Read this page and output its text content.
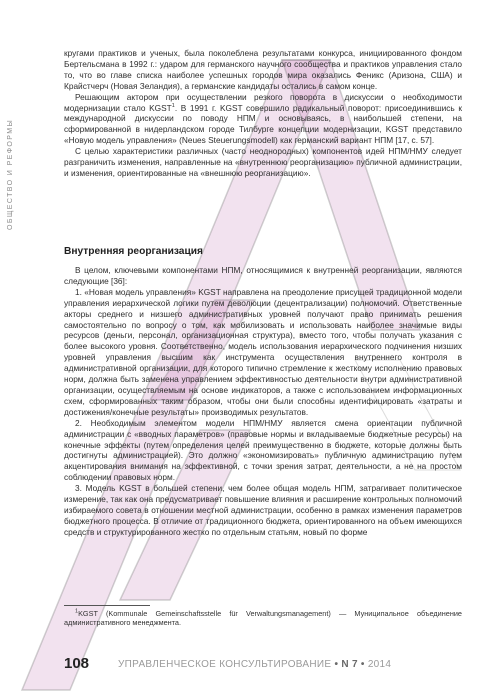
ОБЩЕСТВО И РЕФОРМЫ

кругами практиков и ученых, была поколеблена результатами конкурса, инициированного фондом Бертельсмана в 1992 г.: ударом для германского научного сообщества и практиков управления стало то, что во главе списка наиболее успешных городов мира оказались Феникс (Аризона, США) и Крайстчерч (Новая Зеландия), а германские кандидаты остались в самом конце.

Решающим актором при осуществлении резкого поворота в дискуссии о необходимости модернизации стало KGST$^1$. В 1991 г. KGST совершило радикальный поворот: присоединившись к международной дискуссии по поводу НПМ и основываясь, в наибольшей степени, на сформированной в нидерландском городе Тилбурге концепции модернизации, KGST представило «Новую модель управления» (Neues Steuerungsmodell) как германский вариант НПМ [17, с. 57].

С целью характеристики различных (часто неоднородных) компонентов идей НПМ/НМУ следует разграничить изменения, направленные на «внутреннюю реорганизацию» публичной администрации, и изменения, ориентированные на «внешнюю реорганизацию».

Внутренняя реорганизация

В целом, ключевыми компонентами НПМ, относящимися к внутренней реорганизации, являются следующие [36]:

1. «Новая модель управления» KGST направлена на преодоление присущей традиционной модели управления иерархической логики путем деволюции (децентрализации) полномочий. Ответственные акторы среднего и низшего административных уровней получают право принимать решения самостоятельно по вопросу о том, как мобилизовать и использовать наиболее значимые виды ресурсов (деньги, персонал, организационная структура), вместо того, чтобы получать указания с более высокого уровня. Соответственно, модель использования иерархического подчинения низших уровней управления высшим как инструмента осуществления внутреннего контроля в административной организации, для которого типично стремление к жесткому исполнению правовых норм, должна быть заменена управлением эффективностью деятельности внутри административной организации, осуществляемым на основе индикаторов, а также с использованием информационных схем, сформированных таким образом, чтобы они были способны идентифицировать «затраты и достижения/конечные результаты» производимых результатов.

2. Необходимым элементом модели НПМ/НМУ является смена ориентации публичной администрации с «вводных параметров» (правовые нормы и вкладываемые бюджетные ресурсы) на конечные эффекты (путем определения целей преимущественно в бюджете, которые должны быть достигнуты администрацией). Это должно «экономизировать» публичную администрацию путем акцентирования внимания на эффективной, с точки зрения затрат, деятельности, а не на простом соблюдении правовых норм.

3. Модель KGST в большей степени, чем более общая модель НПМ, затрагивает политическое измерение, так как она предусматривает повышение влияния и расширение контрольных полномочий избираемого совета в отношении местной администрации, особенно в рамках изменения параметров бюджетного процесса. В отличие от традиционного бюджета, ориентированного на объем имеющихся средств и структурированного жестко по отдельным статьям, новый по форме

$^1$KGST (Kommunale Gemeinschaftsstelle für Verwaltungsmanagement) — Муниципальное объединение административного менеджмента.

108	УПРАВЛЕНЧЕСКОЕ КОНСУЛЬТИРОВАНИЕ • N 7 • 2014
